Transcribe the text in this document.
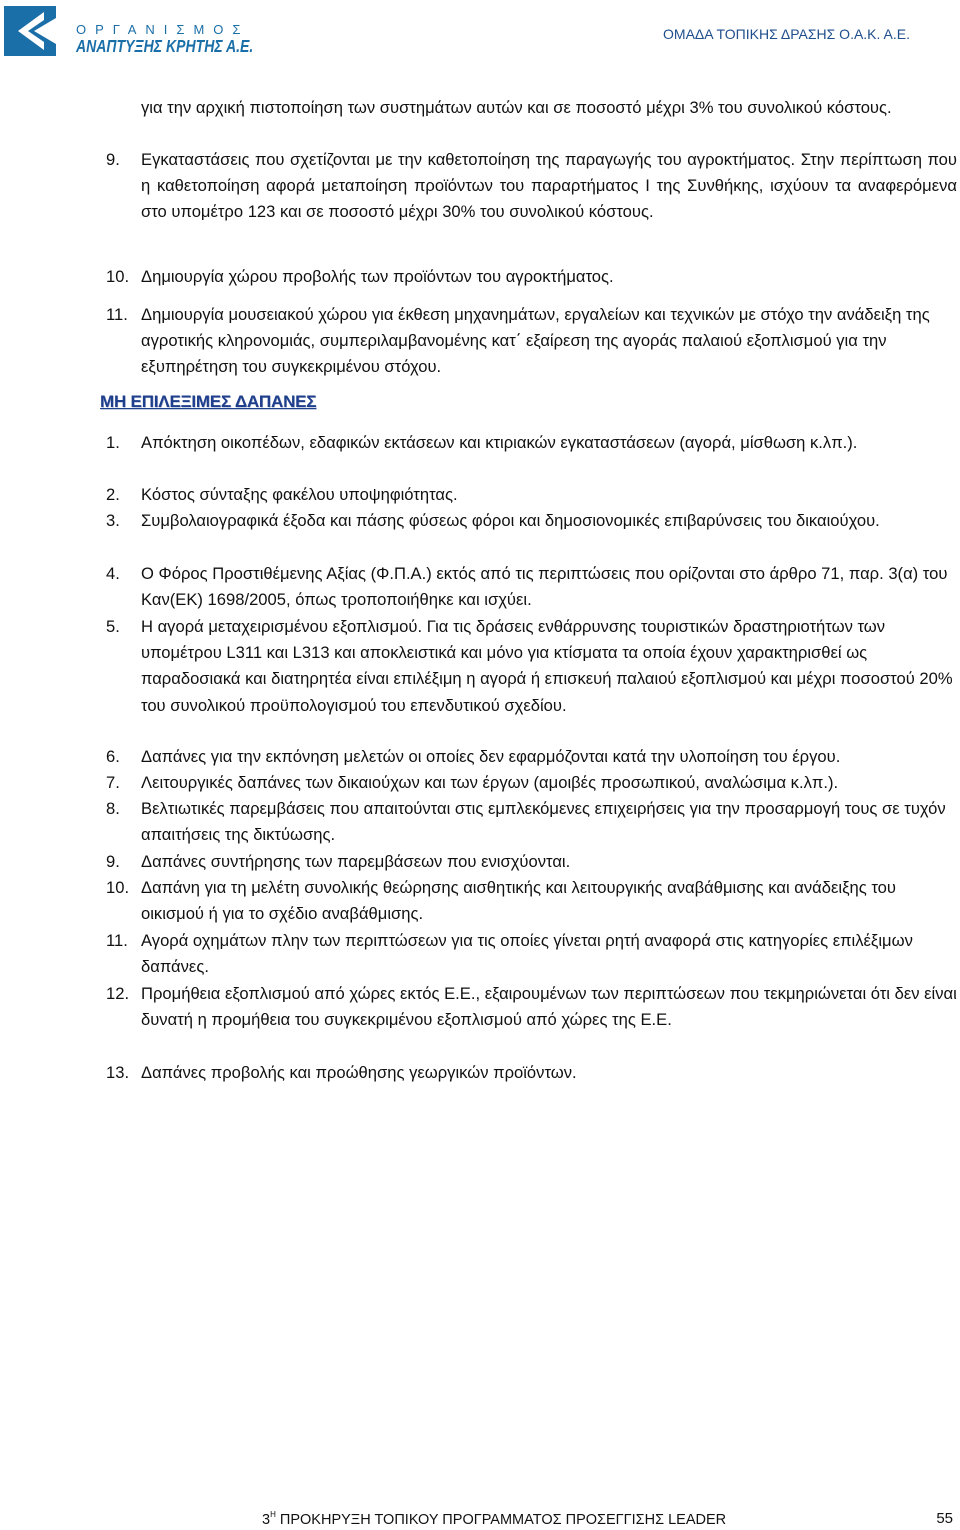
ΟΡΓΑΝΙΣΜΟΣ
ΑΝΑΠΤΥΞΗΣ ΚΡΗΤΗΣ Α.Ε.
ΟΜΑΔΑ ΤΟΠΙΚΗΣ ΔΡΑΣΗΣ Ο.Α.Κ. Α.Ε.
για την αρχική πιστοποίηση των συστημάτων αυτών και σε ποσοστό μέχρι 3% του συνολικού κόστους.
9.	Εγκαταστάσεις που σχετίζονται με την καθετοποίηση της παραγωγής του αγροκτήματος. Στην περίπτωση που η καθετοποίηση αφορά μεταποίηση προϊόντων του παραρτήματος Ι της Συνθήκης, ισχύουν τα αναφερόμενα στο υπομέτρο 123 και σε ποσοστό μέχρι 30% του συνολικού κόστους.
10. Δημιουργία χώρου προβολής των προϊόντων του αγροκτήματος.
11. Δημιουργία μουσειακού χώρου για έκθεση μηχανημάτων, εργαλείων και τεχνικών με στόχο την ανάδειξη της αγροτικής κληρονομιάς, συμπεριλαμβανομένης κατ΄ εξαίρεση της αγοράς παλαιού εξοπλισμού για την εξυπηρέτηση του συγκεκριμένου στόχου.
ΜΗ ΕΠΙΛΕΞΙΜΕΣ ΔΑΠΑΝΕΣ
1.	Απόκτηση οικοπέδων, εδαφικών εκτάσεων και κτιριακών εγκαταστάσεων (αγορά, μίσθωση κ.λπ.).
2.	Κόστος σύνταξης φακέλου υποψηφιότητας.
3.	Συμβολαιογραφικά έξοδα και πάσης φύσεως φόροι και δημοσιονομικές επιβαρύνσεις του δικαιούχου.
4.	Ο Φόρος Προστιθέμενης Αξίας (Φ.Π.Α.) εκτός από τις περιπτώσεις που ορίζονται στο άρθρο 71, παρ. 3(α) του Καν(ΕΚ) 1698/2005, όπως τροποποιήθηκε και ισχύει.
5.	Η αγορά μεταχειρισμένου εξοπλισμού. Για τις δράσεις ενθάρρυνσης τουριστικών δραστηριοτήτων των υπομέτρου L311 και L313 και αποκλειστικά και μόνο για κτίσματα τα οποία έχουν χαρακτηρισθεί ως παραδοσιακά και διατηρητέα είναι επιλέξιμη η αγορά ή επισκευή παλαιού εξοπλισμού και μέχρι ποσοστού 20% του συνολικού προϋπολογισμού του επενδυτικού σχεδίου.
6.	Δαπάνες για την εκπόνηση μελετών οι οποίες δεν εφαρμόζονται κατά την υλοποίηση του έργου.
7.	Λειτουργικές δαπάνες των δικαιούχων και των έργων (αμοιβές προσωπικού, αναλώσιμα κ.λπ.).
8.	Βελτιωτικές παρεμβάσεις που απαιτούνται στις εμπλεκόμενες επιχειρήσεις για την προσαρμογή τους σε τυχόν απαιτήσεις της δικτύωσης.
9.	Δαπάνες συντήρησης των παρεμβάσεων που ενισχύονται.
10. Δαπάνη για τη μελέτη συνολικής θεώρησης αισθητικής και λειτουργικής αναβάθμισης και ανάδειξης του οικισμού ή για το σχέδιο αναβάθμισης.
11. Αγορά οχημάτων πλην των περιπτώσεων για τις οποίες γίνεται ρητή αναφορά στις κατηγορίες επιλέξιμων δαπάνες.
12. Προμήθεια εξοπλισμού από χώρες εκτός Ε.Ε., εξαιρουμένων των περιπτώσεων που τεκμηριώνεται ότι δεν είναι δυνατή η προμήθεια του συγκεκριμένου εξοπλισμού από χώρες της Ε.Ε.
13. Δαπάνες προβολής και προώθησης γεωργικών προϊόντων.
$3^H$ ΠΡΟΚΗΡΥΞΗ ΤΟΠΙΚΟΥ ΠΡΟΓΡΑΜΜΑΤΟΣ ΠΡΟΣΕΓΓΙΣΗΣ LEADER	55
